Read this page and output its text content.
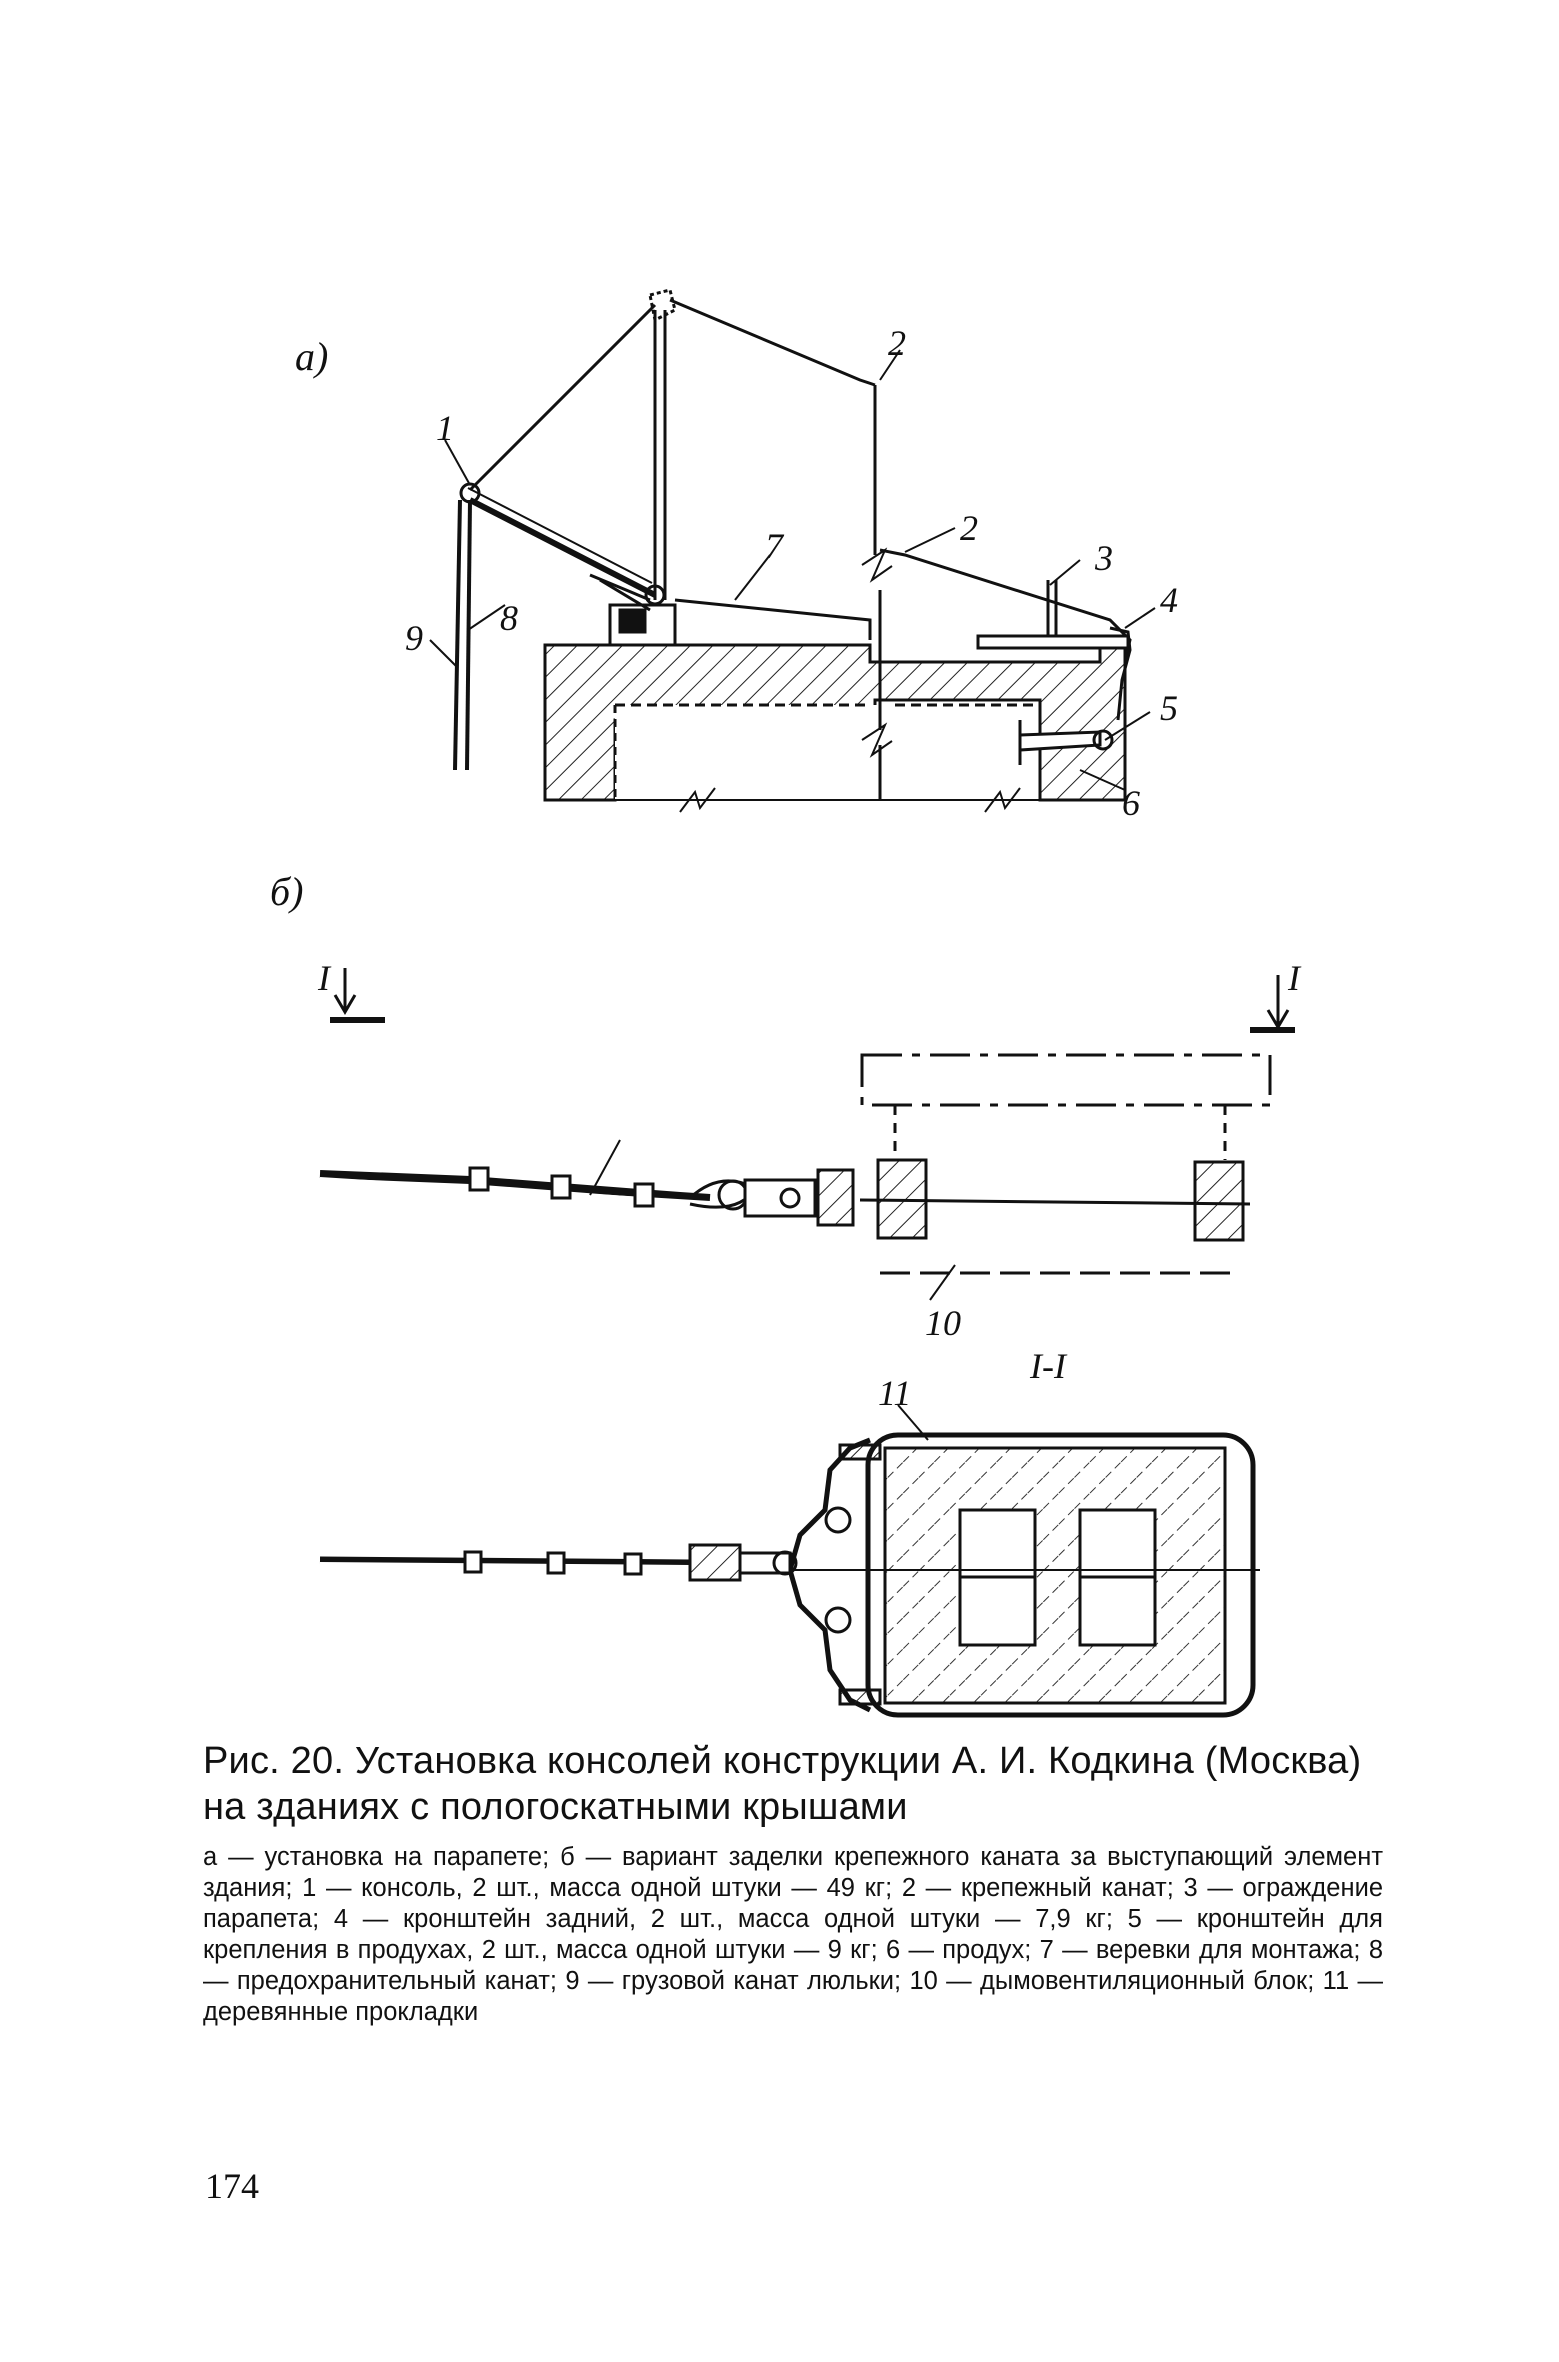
а)
1
2
2
7	3
4
5
6
8
9
б)
I	I
10
I-I
11

Рис. 20. Установка консолей конструкции А. И. Кодкина (Москва) на зданиях с пологоскатными крышами

а — установка на парапете; б — вариант заделки крепежного каната за выступающий элемент здания; 1 — консоль, 2 шт., масса одной штуки — 49 кг; 2 — крепежный канат; 3 — ограждение парапета; 4 — кронштейн задний, 2 шт., масса одной штуки — 7,9 кг; 5 — кронштейн для крепления в продухах, 2 шт., масса одной штуки — 9 кг; 6 — продух; 7 — веревки для монтажа; 8 — предохранительный канат; 9 — грузовой канат люльки; 10 — дымовентиляционный блок; 11 — деревянные прокладки

174
